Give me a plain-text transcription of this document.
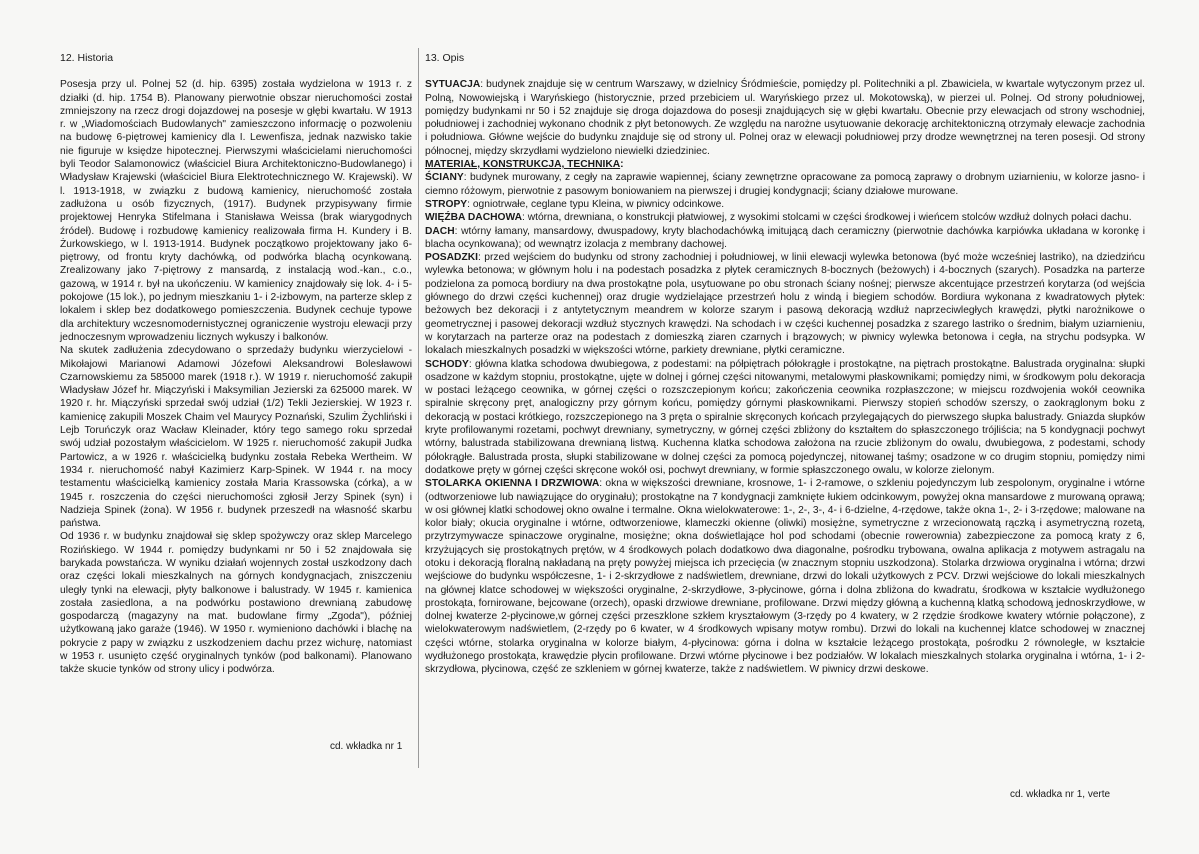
12. Historia

Posesja przy ul. Polnej 52 (d. hip. 6395) została wydzielona w 1913 r. z działki (d. hip. 1754 B). Planowany pierwotnie obszar nieruchomości został zmniejszony na rzecz drogi dojazdowej na posesje w głębi kwartału. W 1913 r. w „Wiadomościach Budowlanych" zamieszczono informację o pozwoleniu na budowę 6-piętrowej kamienicy dla I. Lewenfisza, jednak nazwisko takie nie figuruje w księdze hipotecznej. Pierwszymi właścicielami nieruchomości byli Teodor Salamonowicz (właściciel Biura Architektoniczno-Budowlanego) i Władysław Krajewski (właściciel Biura Elektrotechnicznego W. Krajewski). W l. 1913-1918, w związku z budową kamienicy, nieruchomość została zadłużona u osób fizycznych, (1917). Budynek przypisywany firmie projektowej Henryka Stifelmana i Stanisława Weissa (brak wiarygodnych źródeł). Budowę i rozbudowę kamienicy realizowała firma H. Kundery i B. Żurkowskiego, w l. 1913-1914. Budynek początkowo projektowany jako 6-piętrowy, od frontu kryty dachówką, od podwórka blachą ocynkowaną. Zrealizowany jako 7-piętrowy z mansardą, z instalacją wod.-kan., c.o., gazową, w 1914 r. był na ukończeniu. W kamienicy znajdowały się lok. 4- i 5-pokojowe (15 lok.), po jednym mieszkaniu 1- i 2-izbowym, na parterze sklep z lokalem i sklep bez dodatkowego pomieszczenia. Budynek cechuje typowe dla architektury wczesnomodernistycznej ograniczenie wystroju elewacji przy jednoczesnym wprowadzeniu licznych wykuszy i balkonów.

Na skutek zadłużenia zdecydowano o sprzedaży budynku wierzycielowi - Mikołajowi Marianowi Adamowi Józefowi Aleksandrowi Bolesławowi Czarnowskiemu za 585000 marek (1918 r.). W 1919 r. nieruchomość zakupił Władysław Józef hr. Miączyński i Maksymilian Jezierski za 625000 marek. W 1920 r. hr. Miączyński sprzedał swój udział (1/2) Tekli Jezierskiej. W 1923 r. kamienicę zakupili Moszek Chaim vel Maurycy Poznański, Szulim Żychliński i Lejb Toruńczyk oraz Wacław Kleinader, który tego samego roku sprzedał swój udział pozostałym właścicielom. W 1925 r. nieruchomość zakupił Judka Partowicz, a w 1926 r. właścicielką budynku została Rebeka Wertheim. W 1934 r. nieruchomość nabył Kazimierz Karp-Spinek. W 1944 r. na mocy testamentu właścicielką kamienicy została Maria Krassowska (córka), a w 1945 r. roszczenia do części nieruchomości zgłosił Jerzy Spinek (syn) i Nadzieja Spinek (żona). W 1956 r. budynek przeszedł na własność skarbu państwa.

Od 1936 r. w budynku znajdował się sklep spożywczy oraz sklep Marcelego Rozińskiego. W 1944 r. pomiędzy budynkami nr 50 i 52 znajdowała się barykada powstańcza. W wyniku działań wojennych został uszkodzony dach oraz części lokali mieszkalnych na górnych kondygnacjach, zniszczeniu uległy tynki na elewacji, płyty balkonowe i balustrady. W 1945 r. kamienica została zasiedlona, a na podwórku postawiono drewnianą zabudowę gospodarczą (magazyny na mat. budowlane firmy „Zgoda"), później użytkowaną jako garaże (1946). W 1950 r. wymieniono dachówki i blachę na pokrycie z papy w związku z uszkodzeniem dachu przez wichurę, natomiast w 1953 r. usunięto część oryginalnych tynków (pod balkonami). Planowano także skucie tynków od strony ulicy i podwórza.

13. Opis

SYTUACJA: budynek znajduje się w centrum Warszawy, w dzielnicy Śródmieście, pomiędzy pl. Politechniki a pl. Zbawiciela, w kwartale wytyczonym przez ul. Polną, Nowowiejską i Waryńskiego (historycznie, przed przebiciem ul. Waryńskiego przez ul. Mokotowską), w pierzei ul. Polnej. Od strony południowej, pomiędzy budynkami nr 50 i 52 znajduje się droga dojazdowa do posesji znajdujących się w głębi kwartału. Obecnie przy elewacjach od strony wschodniej, południowej i zachodniej wykonano chodnik z płyt betonowych. Ze względu na narożne usytuowanie dekorację architektoniczną otrzymały elewacje zachodnia i południowa. Główne wejście do budynku znajduje się od strony ul. Polnej oraz w elewacji południowej przy drodze wewnętrznej na teren posesji. Od strony północnej, między skrzydłami wydzielono niewielki dziedziniec.

MATERIAŁ, KONSTRUKCJA, TECHNIKA:

ŚCIANY: budynek murowany, z cegły na zaprawie wapiennej, ściany zewnętrzne opracowane za pomocą zaprawy o drobnym uziarnieniu, w kolorze jasno- i ciemno różowym, pierwotnie z pasowym boniowaniem na pierwszej i drugiej kondygnacji; ściany działowe murowane.

STROPY: ogniotrwałe, ceglane typu Kleina, w piwnicy odcinkowe.

WIĘŹBA DACHOWA: wtórna, drewniana, o konstrukcji płatwiowej, z wysokimi stolcami w części środkowej i wieńcem stolców wzdłuż dolnych połaci dachu.

DACH: wtórny łamany, mansardowy, dwuspadowy, kryty blachodachówką imitującą dach ceramiczny (pierwotnie dachówka karpiówka układana w koronkę i blacha ocynkowana); od wewnątrz izolacja z membrany dachowej.

POSADZKI: przed wejściem do budynku od strony zachodniej i południowej, w linii elewacji wylewka betonowa (być może wcześniej lastriko), na dziedzińcu wylewka betonowa; w głównym holu i na podestach posadzka z płytek ceramicznych 8-bocznych (beżowych) i 4-bocznych (szarych). Posadzka na parterze podzielona za pomocą bordiury na dwa prostokątne pola, usytuowane po obu stronach ściany nośnej; pierwsze akcentujące przestrzeń korytarza (od wejścia głównego do drzwi części kuchennej) oraz drugie wydzielające przestrzeń holu z windą i biegiem schodów. Bordiura wykonana z kwadratowych płytek: beżowych bez dekoracji i z antytetycznym meandrem w kolorze szarym i pasową dekoracją wzdłuż naprzeciwległych krawędzi, płytki narożnikowe o geometrycznej i pasowej dekoracji wzdłuż stycznych krawędzi. Na schodach i w części kuchennej posadzka z szarego lastriko o średnim, białym uziarnieniu, w korytarzach na parterze oraz na podestach z domieszką ziaren czarnych i brązowych; w piwnicy wylewka betonowa i cegła, na strychu podsypka. W lokalach mieszkalnych posadzki w większości wtórne, parkiety drewniane, płytki ceramiczne.

SCHODY: główna klatka schodowa dwubiegowa, z podestami: na półpiętrach półokrągłe i prostokątne, na piętrach prostokątne. Balustrada oryginalna: słupki osadzone w każdym stopniu, prostokątne, ujęte w dolnej i górnej części nitowanymi, metalowymi płaskownikami; pomiędzy nimi, w środkowym polu dekoracja w postaci leżącego ceownika, w górnej części o rozszczepionym końcu; zakończenia ceownika rozpłaszczone; w miejscu rozdwojenia wokół ceownika spiralnie skręcony pręt, analogiczny przy górnym końcu, pomiędzy górnymi płaskownikami. Pierwszy stopień schodów szerszy, o zaokrąglonym boku z dekoracją w postaci krótkiego, rozszczepionego na 3 pręta o spiralnie skręconych końcach przylegających do pierwszego słupka balustrady. Gniazda słupków kryte profilowanymi rozetami, pochwyt drewniany, symetryczny, w górnej części zbliżony do kształtem do spłaszczonego trójliścia; na 5 kondygnacji pochwyt wtórny, balustrada stabilizowana drewnianą listwą. Kuchenna klatka schodowa założona na rzucie zbliżonym do owalu, dwubiegowa, z podestami, schody półokrągłe. Balustrada prosta, słupki stabilizowane w dolnej części za pomocą pojedynczej, nitowanej taśmy; osadzone w co drugim stopniu, pomiędzy nimi dodatkowe pręty w górnej części skręcone wokół osi, pochwyt drewniany, w formie spłaszczonego owalu, w kolorze zielonym.

STOLARKA OKIENNA I DRZWIOWA: okna w większości drewniane, krosnowe, 1- i 2-ramowe, o szkleniu pojedynczym lub zespolonym, oryginalne i wtórne (odtworzeniowe lub nawiązujące do oryginału); prostokątne na 7 kondygnacji zamknięte łukiem odcinkowym, powyżej okna mansardowe z murowaną oprawą; w osi głównej klatki schodowej okno owalne i termalne. Okna wielokwaterowe: 1-, 2-, 3-, 4- i 6-dzielne, 4-rzędowe, także okna 1-, 2- i 3-rzędowe; malowane na kolor biały; okucia oryginalne i wtórne, odtworzeniowe, klameczki okienne (oliwki) mosiężne, symetryczne z wrzecionowatą rączką i asymetryczną rozetą, przytrzymywacze spinaczowe oryginalne, mosiężne; okna doświetlające hol pod schodami (obecnie rowerownia) zabezpieczone za pomocą kraty z 6, krzyżujących się prostokątnych prętów, w 4 środkowych polach dodatkowo dwa diagonalne, pośrodku trybowana, owalna aplikacja z motywem astragalu na otoku i dekoracją floralną nakładaną na pręty powyżej miejsca ich przecięcia (w znacznym stopniu uszkodzona). Stolarka drzwiowa oryginalna i wtórna; drzwi wejściowe do budynku współczesne, 1- i 2-skrzydłowe z nadświetlem, drewniane, drzwi do lokali użytkowych z PCV. Drzwi wejściowe do lokali mieszkalnych na głównej klatce schodowej w większości oryginalne, 2-skrzydłowe, 3-płycinowe, górna i dolna zbliżona do kwadratu, środkowa w kształcie wydłużonego prostokąta, fornirowane, bejcowane (orzech), opaski drzwiowe drewniane, profilowane. Drzwi między główną a kuchenną klatką schodową jednoskrzydłowe, w dolnej kwaterze 2-płycinowe,w górnej części przeszklone szkłem kryształowym (3-rzędy po 4 kwatery, w 2 rzędzie środkowe kwatery wtórnie połączone), z wielokwaterowym nadświetlem, (2-rzędy po 6 kwater, w 4 środkowych wpisany motyw rombu). Drzwi do lokali na kuchennej klatce schodowej w znacznej części wtórne, stolarka oryginalna w kolorze białym, 4-płycinowa: górna i dolna w kształcie leżącego prostokąta, pośrodku 2 równoległe, w kształcie wydłużonego prostokąta, krawędzie płycin profilowane. Drzwi wtórne płycinowe i bez podziałów. W lokalach mieszkalnych stolarka oryginalna i wtórna, 1- i 2-skrzydłowa, płycinowa, część ze szkleniem w górnej kwaterze, także z nadświetlem. W piwnicy drzwi deskowe.

cd. wkładka nr 1
cd. wkładka nr 1, verte
